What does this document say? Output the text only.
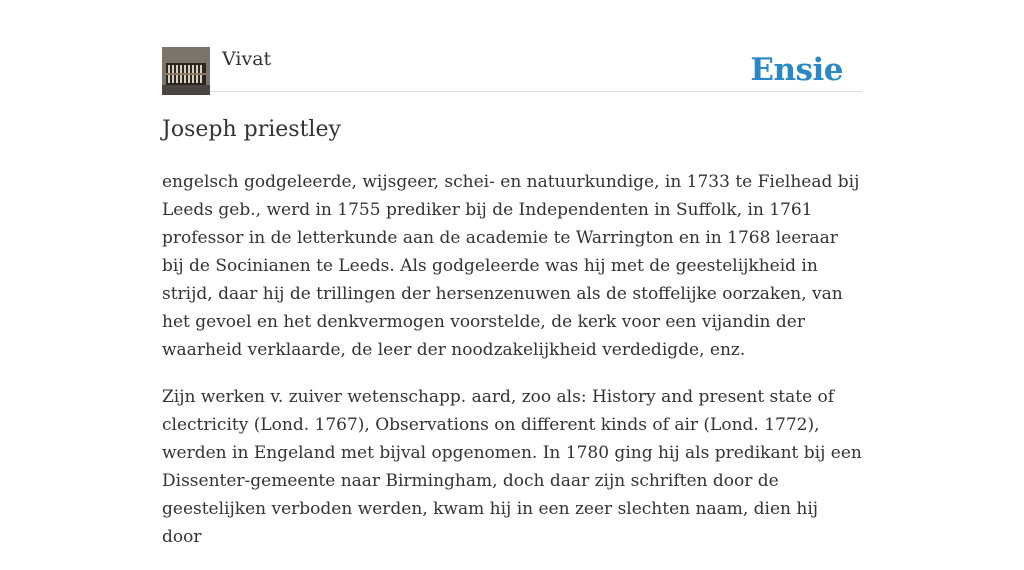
Vivat	Ensie
Joseph priestley

engelsch godgeleerde, wijsgeer, schei- en natuurkundige, in 1733 te Fielhead bij Leeds geb., werd in 1755 prediker bij de Independenten in Suffolk, in 1761 professor in de letterkunde aan de academie te Warrington en in 1768 leeraar bij de Socinianen te Leeds. Als godgeleerde was hij met de geestelijkheid in strijd, daar hij de trillingen der hersenzenuwen als de stoffelijke oorzaken, van het gevoel en het denkvermogen voorstelde, de kerk voor een vijandin der waarheid verklaarde, de leer der noodzakelijkheid verdedigde, enz.

Zijn werken v. zuiver wetenschapp. aard, zoo als: History and present state of clectricity (Lond. 1767), Observations on different kinds of air (Lond. 1772), werden in Engeland met bijval opgenomen. In 1780 ging hij als predikant bij een Dissenter-gemeente naar Birmingham, doch daar zijn schriften door de geestelijken verboden werden, kwam hij in een zeer slechten naam, dien hij door
